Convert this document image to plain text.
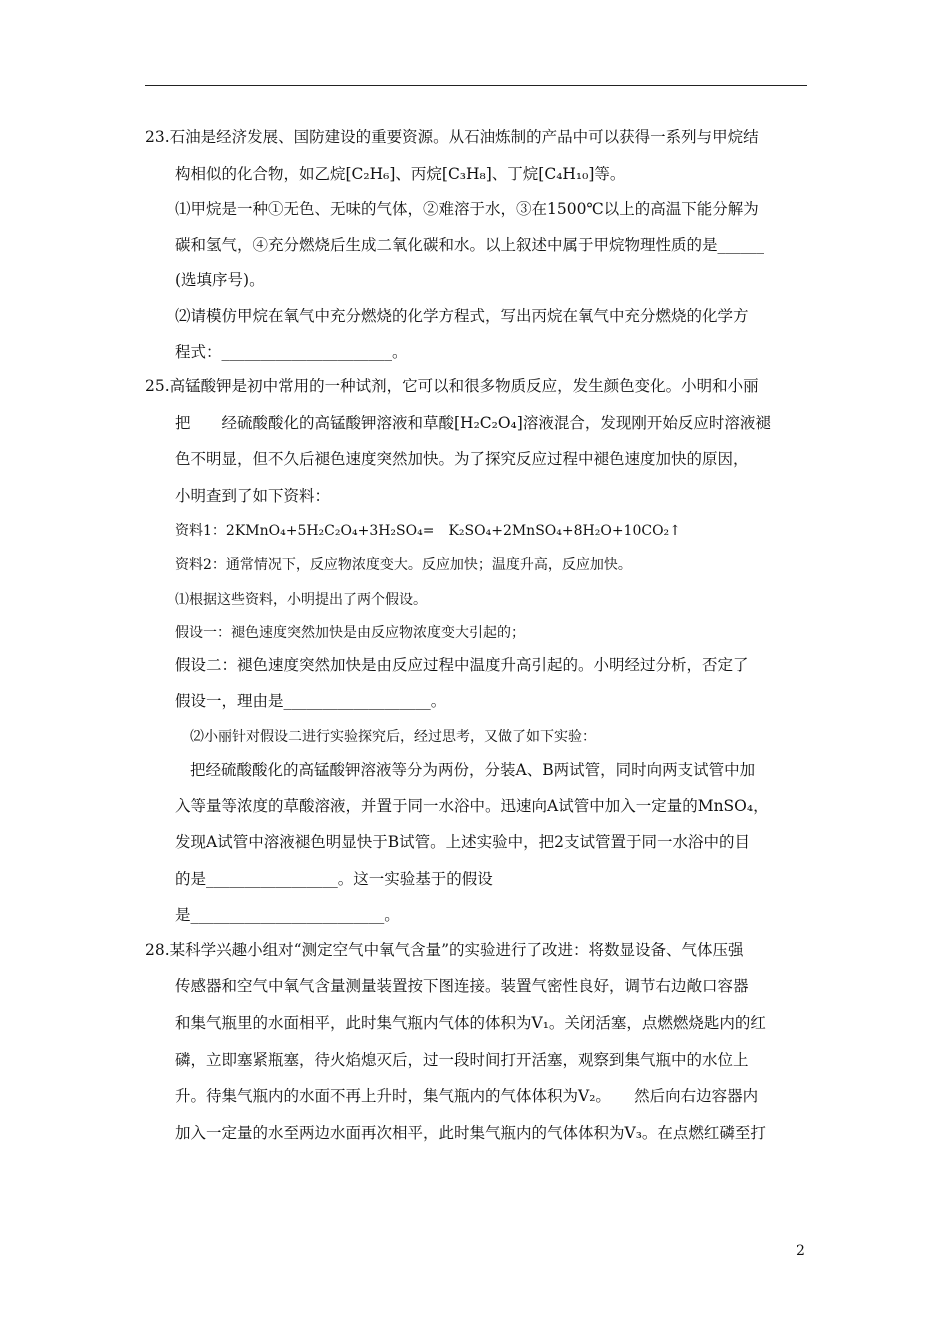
23.石油是经济发展、国防建设的重要资源。从石油炼制的产品中可以获得一系列与甲烷结
构相似的化合物，如乙烷[C₂H₆]、丙烷[C₃H₈]、丁烷[C₄H₁₀]等。
⑴甲烷是一种①无色、无味的气体，②难溶于水，③在1500℃以上的高温下能分解为
碳和氢气，④充分燃烧后生成二氧化碳和水。以上叙述中属于甲烷物理性质的是______
(选填序号)。
⑵请模仿甲烷在氧气中充分燃烧的化学方程式，写出丙烷在氧气中充分燃烧的化学方
程式：______________________。
25.高锰酸钾是初中常用的一种试剂，它可以和很多物质反应，发生颜色变化。小明和小丽
把　　经硫酸酸化的高锰酸钾溶液和草酸[H₂C₂O₄]溶液混合，发现刚开始反应时溶液褪
色不明显，但不久后褪色速度突然加快。为了探究反应过程中褪色速度加快的原因，
小明查到了如下资料：
资料1：2KMnO₄+5H₂C₂O₄+3H₂SO₄=　K₂SO₄+2MnSO₄+8H₂O+10CO₂↑
资料2：通常情况下，反应物浓度变大。反应加快；温度升高，反应加快。
⑴根据这些资料，小明提出了两个假设。
假设一：褪色速度突然加快是由反应物浓度变大引起的；
假设二：褪色速度突然加快是由反应过程中温度升高引起的。小明经过分析，否定了
假设一，理由是___________________。
⑵小丽针对假设二进行实验探究后，经过思考，又做了如下实验：
把经硫酸酸化的高锰酸钾溶液等分为两份，分装A、B两试管，同时向两支试管中加
入等量等浓度的草酸溶液，并置于同一水浴中。迅速向A试管中加入一定量的MnSO₄，
发现A试管中溶液褪色明显快于B试管。上述实验中，把2支试管置于同一水浴中的目
的是_________________。这一实验基于的假设
是_________________________。
28.某科学兴趣小组对“测定空气中氧气含量”的实验进行了改进：将数显设备、气体压强
传感器和空气中氧气含量测量装置按下图连接。装置气密性良好，调节右边敞口容器
和集气瓶里的水面相平，此时集气瓶内气体的体积为V₁。关闭活塞，点燃燃烧匙内的红
磷，立即塞紧瓶塞，待火焰熄灭后，过一段时间打开活塞，观察到集气瓶中的水位上
升。待集气瓶内的水面不再上升时，集气瓶内的气体体积为V₂。　　然后向右边容器内
加入一定量的水至两边水面再次相平，此时集气瓶内的气体体积为V₃。在点燃红磷至打
2
